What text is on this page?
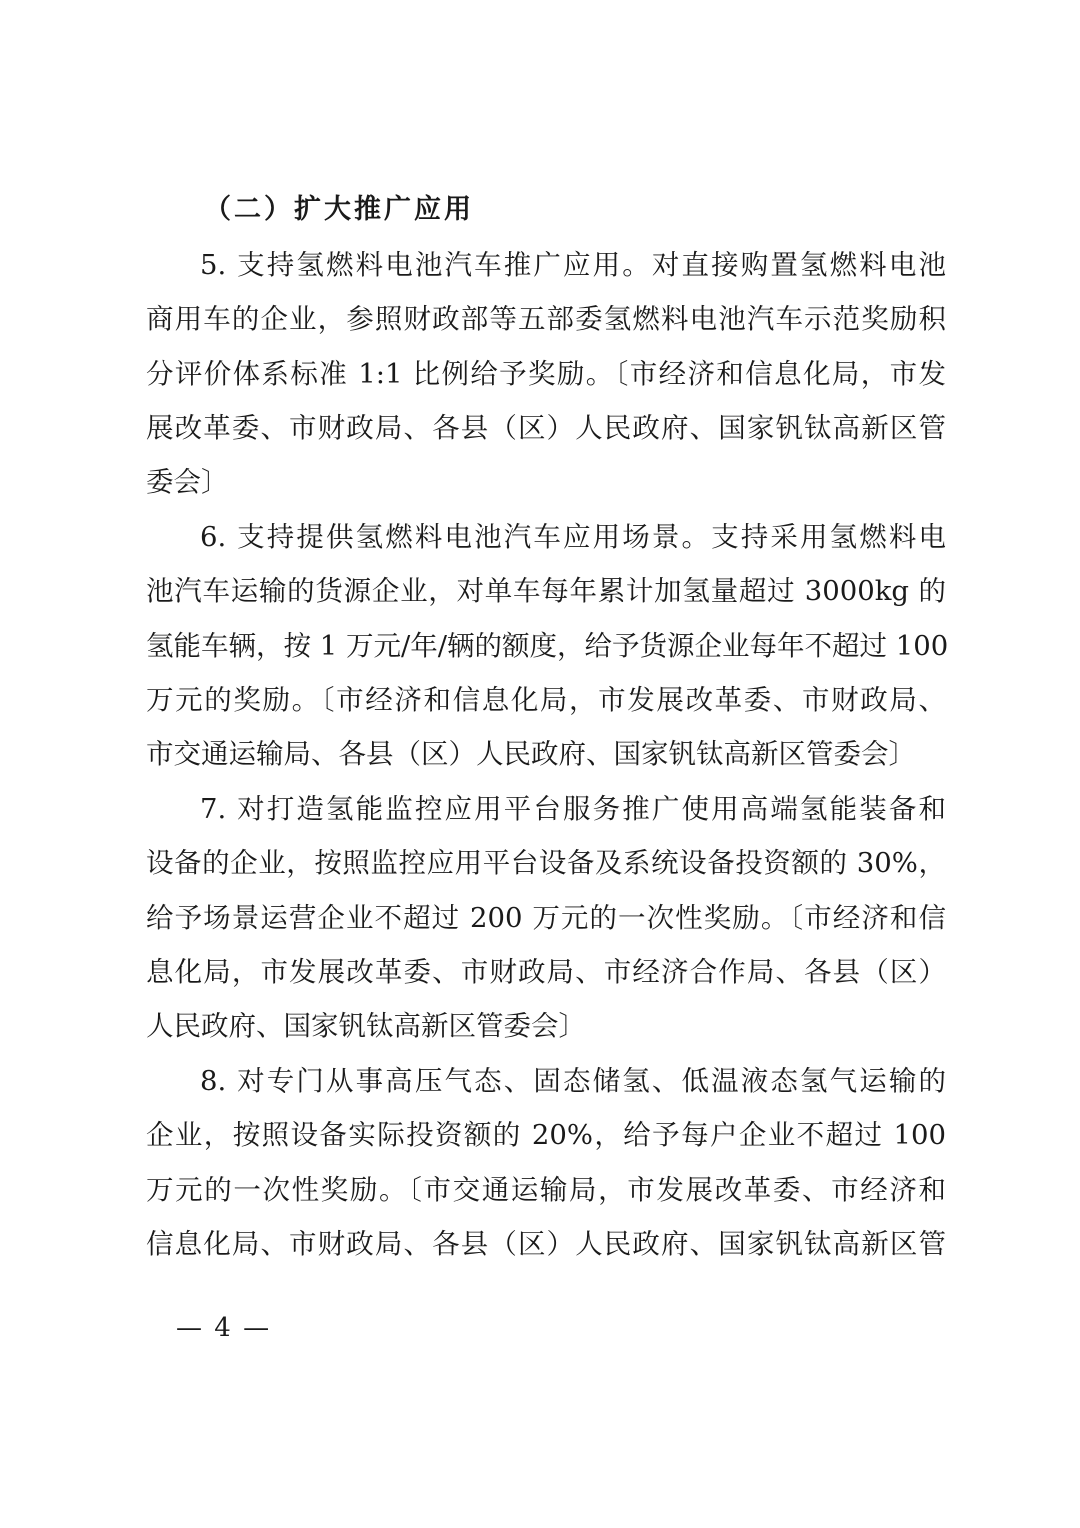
（二）扩大推广应用
5. 支持氢燃料电池汽车推广应用。对直接购置氢燃料电池
商用车的企业，参照财政部等五部委氢燃料电池汽车示范奖励积
分评价体系标准 1:1 比例给予奖励。〔市经济和信息化局，市发
展改革委、市财政局、各县（区）人民政府、国家钒钛高新区管
委会〕
6. 支持提供氢燃料电池汽车应用场景。支持采用氢燃料电
池汽车运输的货源企业，对单车每年累计加氢量超过 3000kg 的
氢能车辆，按 1 万元/年/辆的额度，给予货源企业每年不超过 100
万元的奖励。〔市经济和信息化局，市发展改革委、市财政局、
市交通运输局、各县（区）人民政府、国家钒钛高新区管委会〕
7. 对打造氢能监控应用平台服务推广使用高端氢能装备和
设备的企业，按照监控应用平台设备及系统设备投资额的 30%，
给予场景运营企业不超过 200 万元的一次性奖励。〔市经济和信
息化局，市发展改革委、市财政局、市经济合作局、各县（区）
人民政府、国家钒钛高新区管委会〕
8. 对专门从事高压气态、固态储氢、低温液态氢气运输的
企业，按照设备实际投资额的 20%，给予每户企业不超过 100
万元的一次性奖励。〔市交通运输局，市发展改革委、市经济和
信息化局、市财政局、各县（区）人民政府、国家钒钛高新区管
— 4 —
